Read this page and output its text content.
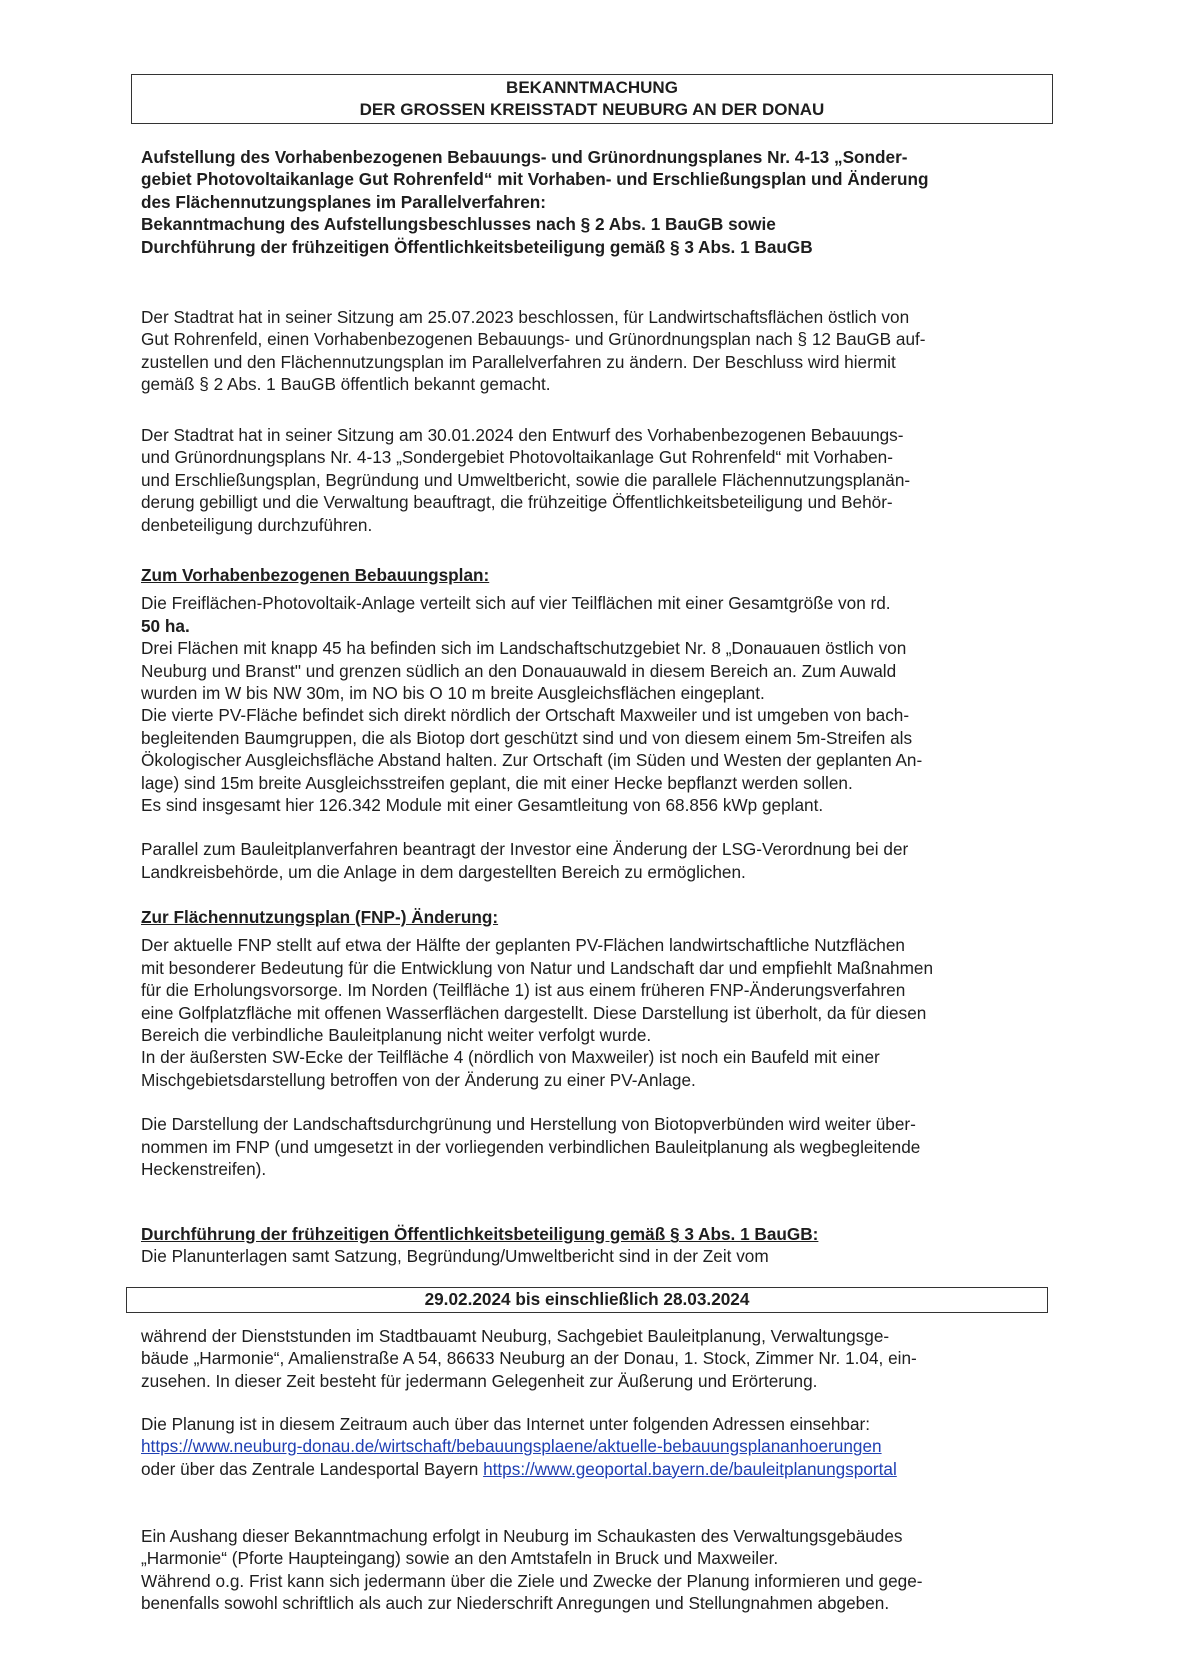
BEKANNTMACHUNG
DER GROSSEN KREISSTADT NEUBURG AN DER DONAU
Aufstellung des Vorhabenbezogenen Bebauungs- und Grünordnungsplanes Nr. 4-13 „Sonder-
gebiet Photovoltaikanlage Gut Rohrenfeld“ mit Vorhaben- und Erschließungsplan und Änderung
des Flächennutzungsplanes im Parallelverfahren:
Bekanntmachung des Aufstellungsbeschlusses nach § 2 Abs. 1 BauGB sowie
Durchführung der frühzeitigen Öffentlichkeitsbeteiligung gemäß § 3 Abs. 1 BauGB
Der Stadtrat hat in seiner Sitzung am 25.07.2023 beschlossen, für Landwirtschaftsflächen östlich von
Gut Rohrenfeld, einen Vorhabenbezogenen Bebauungs- und Grünordnungsplan nach § 12 BauGB auf-
zustellen und den Flächennutzungsplan im Parallelverfahren zu ändern. Der Beschluss wird hiermit
gemäß § 2 Abs. 1 BauGB öffentlich bekannt gemacht.
Der Stadtrat hat in seiner Sitzung am 30.01.2024 den Entwurf des Vorhabenbezogenen Bebauungs-
und Grünordnungsplans Nr. 4-13 „Sondergebiet Photovoltaikanlage Gut Rohrenfeld“ mit Vorhaben-
und Erschließungsplan, Begründung und Umweltbericht, sowie die parallele Flächennutzungsplanän-
derung gebilligt und die Verwaltung beauftragt, die frühzeitige Öffentlichkeitsbeteiligung und Behör-
denbeteiligung durchzuführen.
Zum Vorhabenbezogenen Bebauungsplan:
Die Freiflächen-Photovoltaik-Anlage verteilt sich auf vier Teilflächen mit einer Gesamtgröße von rd.
50 ha.
Drei Flächen mit knapp 45 ha befinden sich im Landschaftschutzgebiet Nr. 8 „Donauauen östlich von
Neuburg und Branst" und grenzen südlich an den Donauauwald in diesem Bereich an. Zum Auwald
wurden im W bis NW 30m, im NO bis O 10 m breite Ausgleichsflächen eingeplant.
Die vierte PV-Fläche befindet sich direkt nördlich der Ortschaft Maxweiler und ist umgeben von bach-
begleitenden Baumgruppen, die als Biotop dort geschützt sind und von diesem einem 5m-Streifen als
Ökologischer Ausgleichsfläche Abstand halten. Zur Ortschaft (im Süden und Westen der geplanten An-
lage) sind 15m breite Ausgleichsstreifen geplant, die mit einer Hecke bepflanzt werden sollen.
Es sind insgesamt hier 126.342 Module mit einer Gesamtleitung von 68.856 kWp geplant.
Parallel zum Bauleitplanverfahren beantragt der Investor eine Änderung der LSG-Verordnung bei der
Landkreisbehörde, um die Anlage in dem dargestellten Bereich zu ermöglichen.
Zur Flächennutzungsplan (FNP-) Änderung:
Der aktuelle FNP stellt auf etwa der Hälfte der geplanten PV-Flächen landwirtschaftliche Nutzflächen
mit besonderer Bedeutung für die Entwicklung von Natur und Landschaft dar und empfiehlt Maßnahmen
für die Erholungsvorsorge. Im Norden (Teilfläche 1) ist aus einem früheren FNP-Änderungsverfahren
eine Golfplatzfläche mit offenen Wasserflächen dargestellt. Diese Darstellung ist überholt, da für diesen
Bereich die verbindliche Bauleitplanung nicht weiter verfolgt wurde.
In der äußersten SW-Ecke der Teilfläche 4 (nördlich von Maxweiler) ist noch ein Baufeld mit einer
Mischgebietsdarstellung betroffen von der Änderung zu einer PV-Anlage.
Die Darstellung der Landschaftsdurchgrünung und Herstellung von Biotopverbünden wird weiter über-
nommen im FNP (und umgesetzt in der vorliegenden verbindlichen Bauleitplanung als wegbegleitende
Heckenstreifen).
Durchführung der frühzeitigen Öffentlichkeitsbeteiligung gemäß § 3 Abs. 1 BauGB:
Die Planunterlagen samt Satzung, Begründung/Umweltbericht sind in der Zeit vom
29.02.2024 bis einschließlich 28.03.2024
während der Dienststunden im Stadtbauamt Neuburg, Sachgebiet Bauleitplanung, Verwaltungsge-
bäude „Harmonie“, Amalienstraße A 54, 86633 Neuburg an der Donau, 1. Stock, Zimmer Nr. 1.04, ein-
zusehen. In dieser Zeit besteht für jedermann Gelegenheit zur Äußerung und Erörterung.
Die Planung ist in diesem Zeitraum auch über das Internet unter folgenden Adressen einsehbar:
https://www.neuburg-donau.de/wirtschaft/bebauungsplaene/aktuelle-bebauungsplananhoerungen
oder über das Zentrale Landesportal Bayern https://www.geoportal.bayern.de/bauleitplanungsportal
Ein Aushang dieser Bekanntmachung erfolgt in Neuburg im Schaukasten des Verwaltungsgebäudes
„Harmonie“ (Pforte Haupteingang) sowie an den Amtstafeln in Bruck und Maxweiler.
Während o.g. Frist kann sich jedermann über die Ziele und Zwecke der Planung informieren und gege-
benenfalls sowohl schriftlich als auch zur Niederschrift Anregungen und Stellungnahmen abgeben.
